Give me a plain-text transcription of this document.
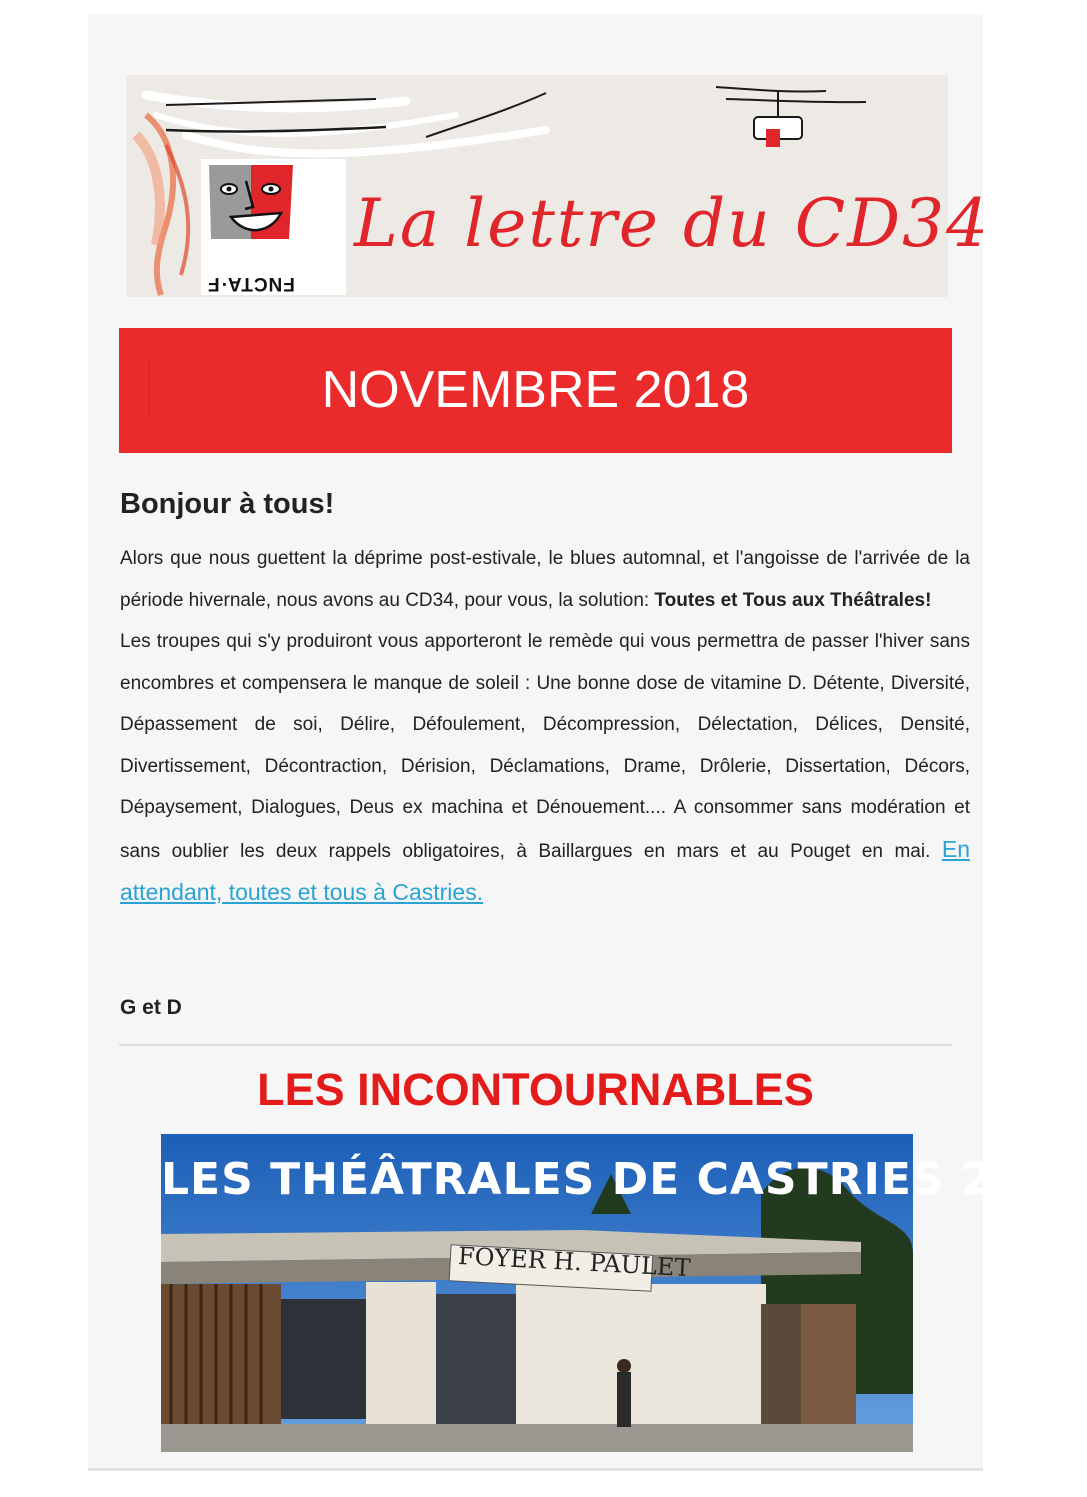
FNCTA·F
La lettre du CD34
NOVEMBRE 2018
Bonjour à tous!

Alors que nous guettent la déprime post-estivale, le blues automnal, et l'angoisse de l'arrivée de la période hivernale, nous avons au CD34, pour vous, la solution: Toutes et Tous aux Théâtrales!
Les troupes qui s'y produiront vous apporteront le remède qui vous permettra de passer l'hiver sans encombres et compensera le manque de soleil : Une bonne dose de vitamine D. Détente, Diversité, Dépassement de soi, Délire, Défoulement, Décompression, Délectation, Délices, Densité, Divertissement, Décontraction, Dérision, Déclamations, Drame, Drôlerie, Dissertation, Décors, Dépaysement, Dialogues, Deus ex machina et Dénouement.... A consommer sans modération et sans oublier les deux rappels obligatoires, à Baillargues en mars et au Pouget en mai. En attendant, toutes et tous à Castries.

G et D

LES INCONTOURNABLES
LES THÉÂTRALES DE CASTRIES 2018
FOYER H. PAULET
